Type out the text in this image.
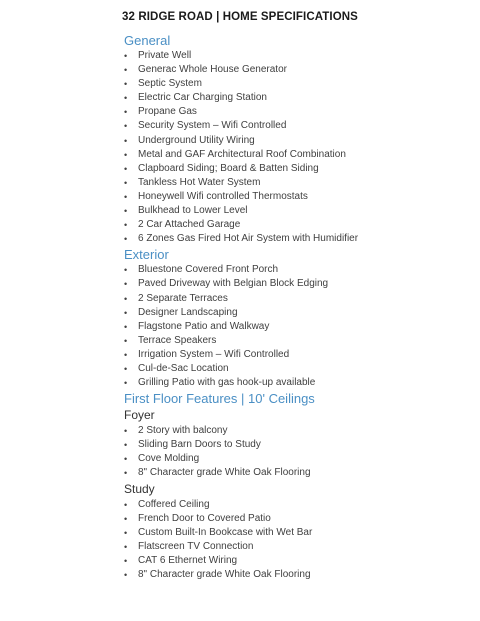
32 RIDGE ROAD | HOME SPECIFICATIONS
General
• Private Well
• Generac Whole House Generator
• Septic System
• Electric Car Charging Station
• Propane Gas
• Security System – Wifi Controlled
• Underground Utility Wiring
• Metal and GAF Architectural Roof Combination
• Clapboard Siding; Board & Batten Siding
• Tankless Hot Water System
• Honeywell Wifi controlled Thermostats
• Bulkhead to Lower Level
• 2 Car Attached Garage
• 6 Zones Gas Fired Hot Air System with Humidifier
Exterior
• Bluestone Covered Front Porch
• Paved Driveway with Belgian Block Edging
• 2 Separate Terraces
• Designer Landscaping
• Flagstone Patio and Walkway
• Terrace Speakers
• Irrigation System – Wifi Controlled
• Cul-de-Sac Location
• Grilling Patio with gas hook-up available
First Floor Features | 10' Ceilings
Foyer
• 2 Story with balcony
• Sliding Barn Doors to Study
• Cove Molding
• 8" Character grade White Oak Flooring
Study
• Coffered Ceiling
• French Door to Covered Patio
• Custom Built-In Bookcase with Wet Bar
• Flatscreen TV Connection
• CAT 6 Ethernet Wiring
• 8" Character grade White Oak Flooring
